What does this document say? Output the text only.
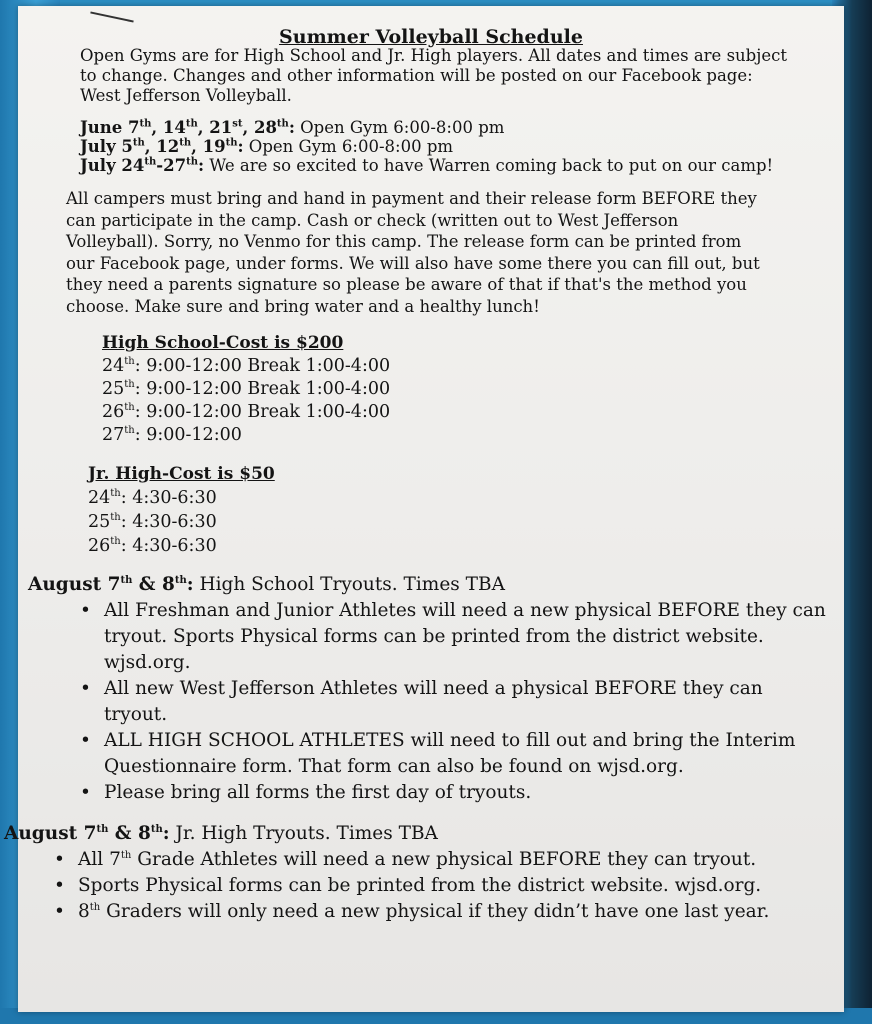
Summer Volleyball Schedule
Open Gyms are for High School and Jr. High players. All dates and times are subject
to change. Changes and other information will be posted on our Facebook page:
West Jefferson Volleyball.
June 7th, 14th, 21st, 28th: Open Gym 6:00-8:00 pm
July 5th, 12th, 19th: Open Gym 6:00-8:00 pm
July 24th-27th: We are so excited to have Warren coming back to put on our camp!
All campers must bring and hand in payment and their release form BEFORE they
can participate in the camp. Cash or check (written out to West Jefferson
Volleyball). Sorry, no Venmo for this camp. The release form can be printed from
our Facebook page, under forms. We will also have some there you can fill out, but
they need a parents signature so please be aware of that if that's the method you
choose. Make sure and bring water and a healthy lunch!
High School-Cost is $200
24th: 9:00-12:00 Break 1:00-4:00
25th: 9:00-12:00 Break 1:00-4:00
26th: 9:00-12:00 Break 1:00-4:00
27th: 9:00-12:00
Jr. High-Cost is $50
24th: 4:30-6:30
25th: 4:30-6:30
26th: 4:30-6:30
August 7th & 8th: High School Tryouts. Times TBA
• All Freshman and Junior Athletes will need a new physical BEFORE they can tryout. Sports Physical forms can be printed from the district website. wjsd.org.
• All new West Jefferson Athletes will need a physical BEFORE they can tryout.
• ALL HIGH SCHOOL ATHLETES will need to fill out and bring the Interim Questionnaire form. That form can also be found on wjsd.org.
• Please bring all forms the first day of tryouts.
August 7th & 8th: Jr. High Tryouts. Times TBA
• All 7th Grade Athletes will need a new physical BEFORE they can tryout.
• Sports Physical forms can be printed from the district website. wjsd.org.
• 8th Graders will only need a new physical if they didn’t have one last year.
